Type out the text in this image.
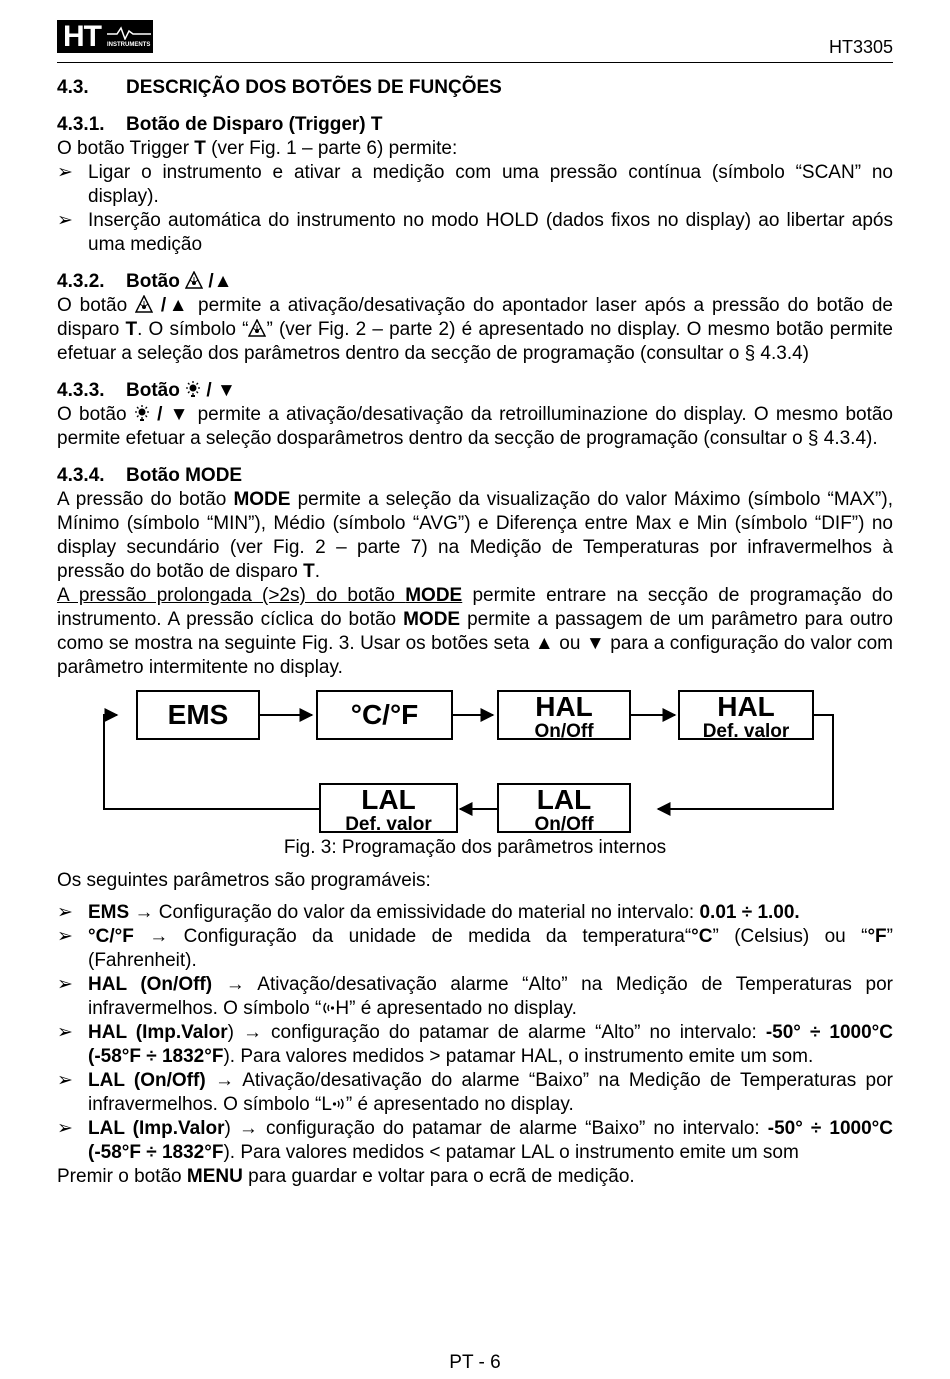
HT INSTRUMENTS	HT3305
4.3. DESCRIÇÃO DOS BOTÕES DE FUNÇÕES
4.3.1. Botão de Disparo (Trigger) T

O botão Trigger T (ver Fig. 1 – parte 6) permite:

➢ Ligar o instrumento e ativar a medição com uma pressão contínua (símbolo “SCAN” no display).
➢ Inserção automática do instrumento no modo HOLD (dados fixos no display) ao libertar após uma medição
4.3.2. Botão  /▲

O botão  /▲ permite a ativação/desativação do apontador laser após a pressão do botão de disparo T. O símbolo “ ” (ver Fig. 2 – parte 2) é apresentado no display. O mesmo botão permite efetuar a seleção dos parâmetros dentro da secção de programação (consultar o § 4.3.4)

4.3.3. Botão  / ▼

O botão  / ▼ permite a ativação/desativação da retroilluminazione do display. O mesmo botão permite efetuar a seleção dosparâmetros dentro da secção de programação (consultar o § 4.3.4).

4.3.4. Botão MODE

A pressão do botão MODE permite a seleção da visualização do valor Máximo (símbolo “MAX”), Mínimo (símbolo “MIN”), Médio (símbolo “AVG”) e Diferença entre Max e Min (símbolo “DIF”) no display secundário (ver Fig. 2 – parte 7) na Medição de Temperaturas por infravermelhos à pressão do botão de disparo T.

A pressão prolongada (>2s) do botão MODE permite entrare na secção de programação do instrumento. A pressão cíclica do botão MODE permite a passagem de um parâmetro para outro como se mostra na seguinte Fig. 3. Usar os botões seta ▲ ou ▼ para a configuração do valor com parâmetro intermitente no display.

EMS	°C/°F	HAL
On/Off
HAL
Def. valor
LAL
On/Off
LAL
Def. valor
Fig. 3: Programação dos parâmetros internos

Os seguintes parâmetros são programáveis:

➢ EMS → Configuração do valor da emissividade do material no intervalo: 0.01 ÷ 1.00.
➢ °C/°F → Configuração da unidade de medida da temperatura“°C” (Celsius) ou “°F” (Fahrenheit).
➢ HAL (On/Off) → Ativação/desativação alarme “Alto” na Medição de Temperaturas por infravermelhos. O símbolo “ H” é apresentado no display.
➢ HAL (Imp.Valor) → configuração do patamar de alarme “Alto” no intervalo: -50° ÷ 1000°C (-58°F ÷ 1832°F). Para valores medidos > patamar HAL, o instrumento emite um som.
➢ LAL (On/Off) → Ativação/desativação do alarme “Baixo” na Medição de Temperaturas por infravermelhos. O símbolo “L ” é apresentado no display.
➢ LAL (Imp.Valor) → configuração do patamar de alarme “Baixo” no intervalo: -50° ÷ 1000°C (-58°F ÷ 1832°F). Para valores medidos < patamar LAL o instrumento emite um som

Premir o botão MENU para guardar e voltar para o ecrã de medição.

PT - 6
